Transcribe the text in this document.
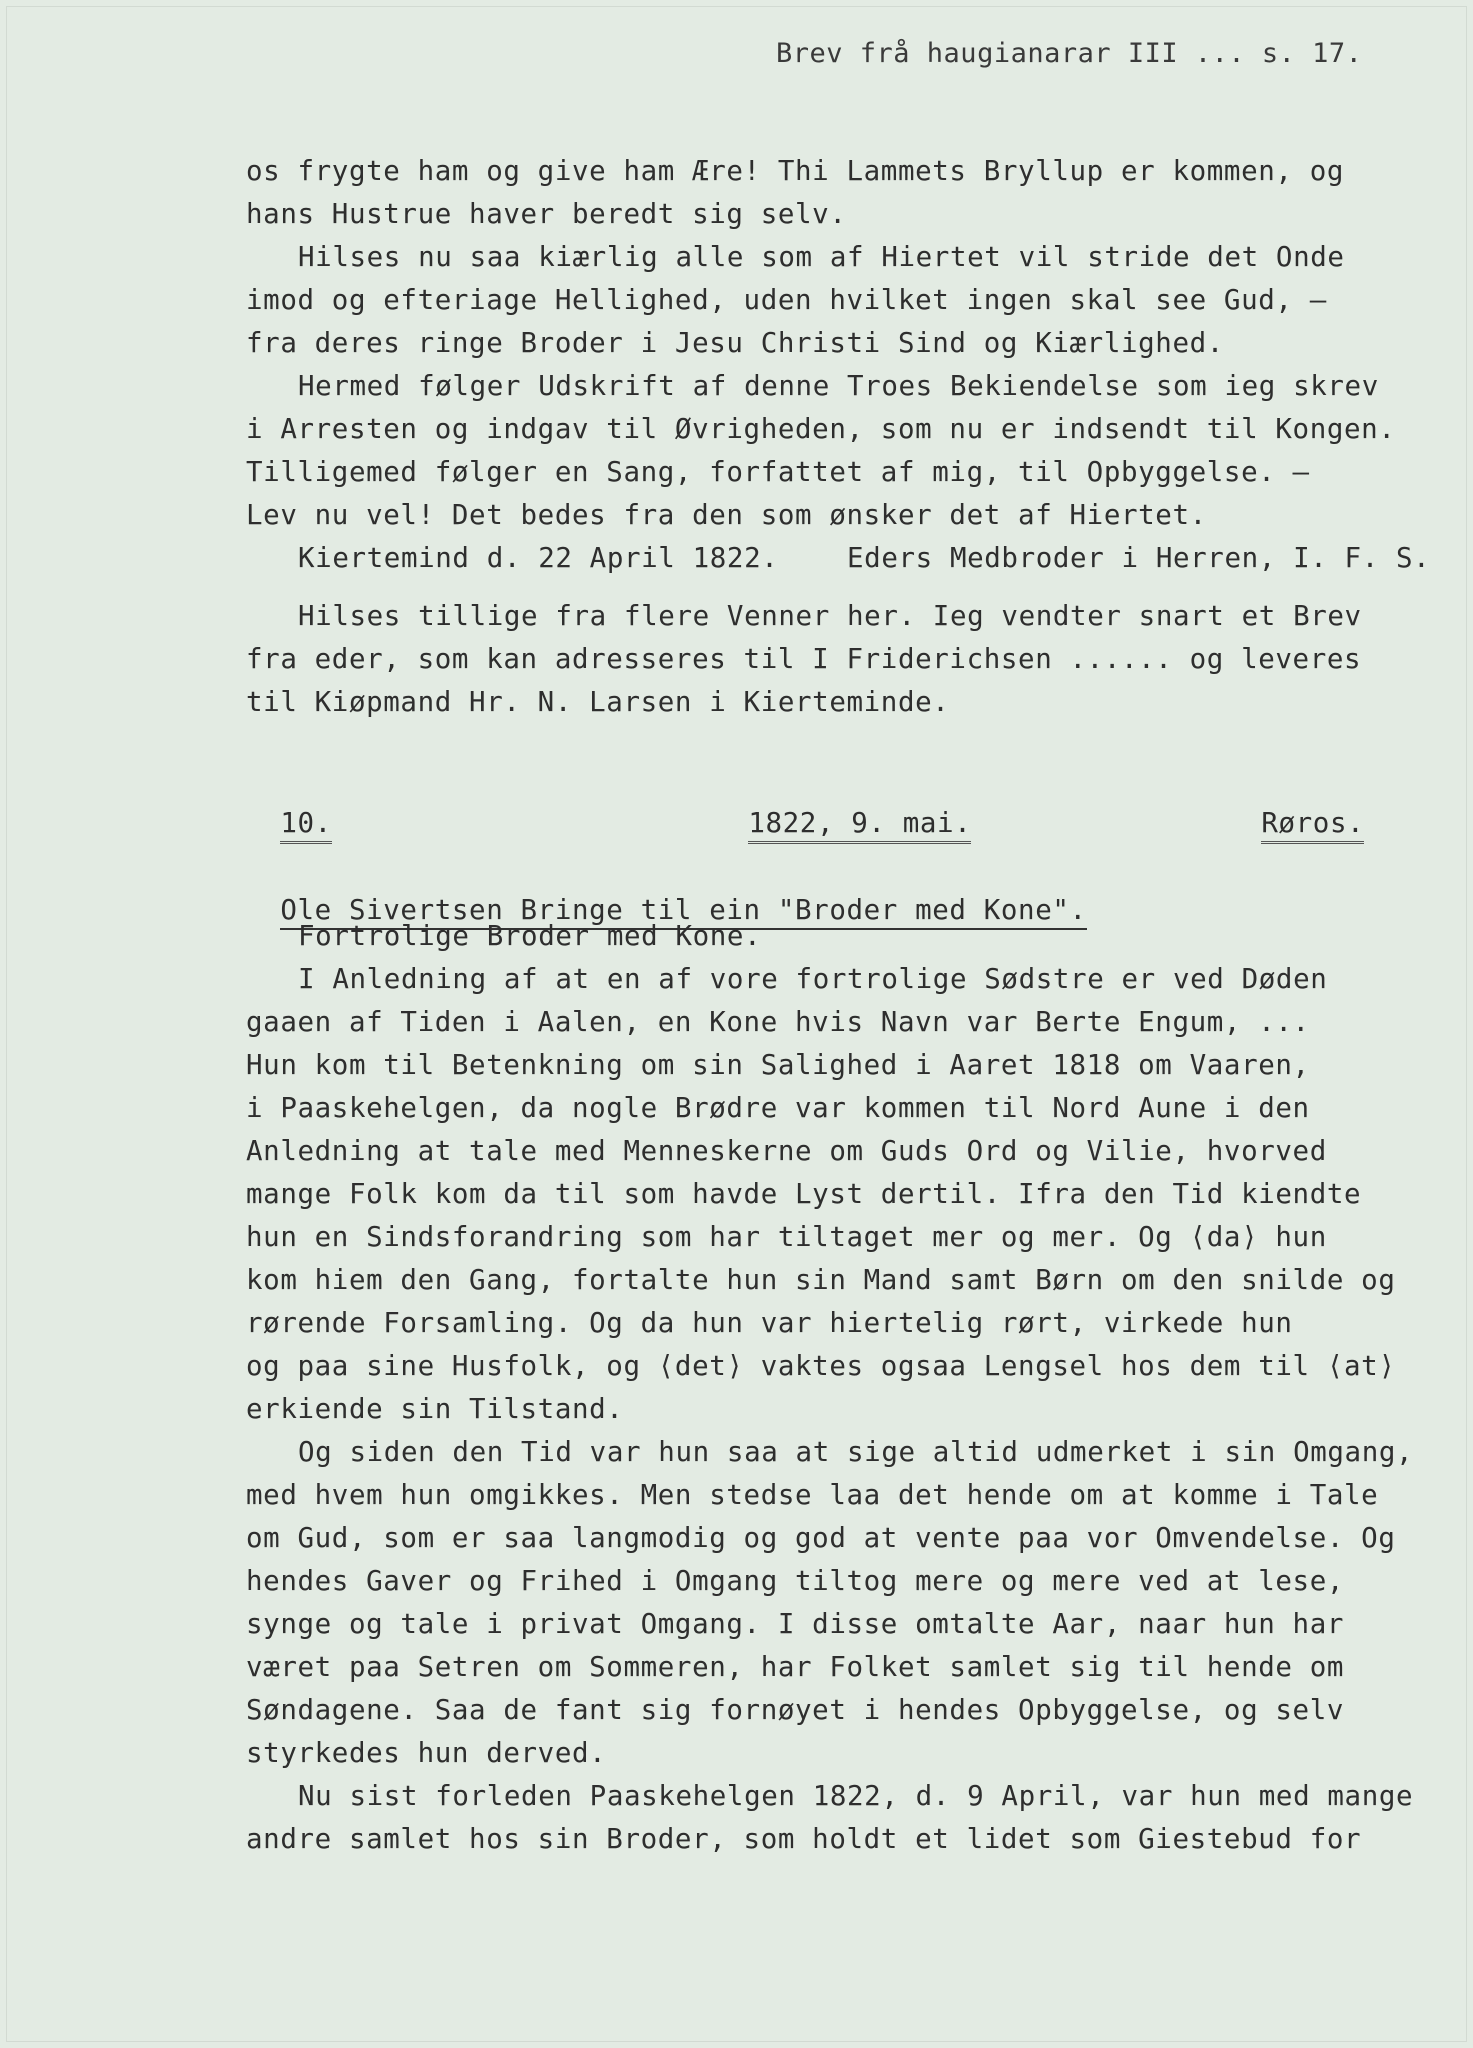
Brev frå haugianarar III ... s. 17.
os frygte ham og give ham Ære! Thi Lammets Bryllup er kommen, og
hans Hustrue haver beredt sig selv.
Hilses nu saa kiærlig alle som af Hiertet vil stride det Onde
imod og efteriage Hellighed, uden hvilket ingen skal see Gud, —
fra deres ringe Broder i Jesu Christi Sind og Kiærlighed.
Hermed følger Udskrift af denne Troes Bekiendelse som ieg skrev
i Arresten og indgav til Øvrigheden, som nu er indsendt til Kongen.
Tilligemed følger en Sang, forfattet af mig, til Opbyggelse. —
Lev nu vel! Det bedes fra den som ønsker det af Hiertet.
Kiertemind d. 22 April 1822.    Eders Medbroder i Herren, I. F. S.
Hilses tillige fra flere Venner her. Ieg vendter snart et Brev
fra eder, som kan adresseres til I Friderichsen ...... og leveres
til Kiøpmand Hr. N. Larsen i Kierteminde.

10.	1822, 9. mai.	Røros.

Ole Sivertsen Bringe til ein "Broder med Kone".

Fortrolige Broder med Kone.
I Anledning af at en af vore fortrolige Sødstre er ved Døden
gaaen af Tiden i Aalen, en Kone hvis Navn var Berte Engum, ...
Hun kom til Betenkning om sin Salighed i Aaret 1818 om Vaaren,
i Paaskehelgen, da nogle Brødre var kommen til Nord Aune i den
Anledning at tale med Menneskerne om Guds Ord og Vilie, hvorved
mange Folk kom da til som havde Lyst dertil. Ifra den Tid kiendte
hun en Sindsforandring som har tiltaget mer og mer. Og ⟨da⟩ hun
kom hiem den Gang, fortalte hun sin Mand samt Børn om den snilde og
rørende Forsamling. Og da hun var hiertelig rørt, virkede hun
og paa sine Husfolk, og ⟨det⟩ vaktes ogsaa Lengsel hos dem til ⟨at⟩
erkiende sin Tilstand.
Og siden den Tid var hun saa at sige altid udmerket i sin Omgang,
med hvem hun omgikkes. Men stedse laa det hende om at komme i Tale
om Gud, som er saa langmodig og god at vente paa vor Omvendelse. Og
hendes Gaver og Frihed i Omgang tiltog mere og mere ved at lese,
synge og tale i privat Omgang. I disse omtalte Aar, naar hun har
været paa Setren om Sommeren, har Folket samlet sig til hende om
Søndagene. Saa de fant sig fornøyet i hendes Opbyggelse, og selv
styrkedes hun derved.
Nu sist forleden Paaskehelgen 1822, d. 9 April, var hun med mange
andre samlet hos sin Broder, som holdt et lidet som Giestebud for
